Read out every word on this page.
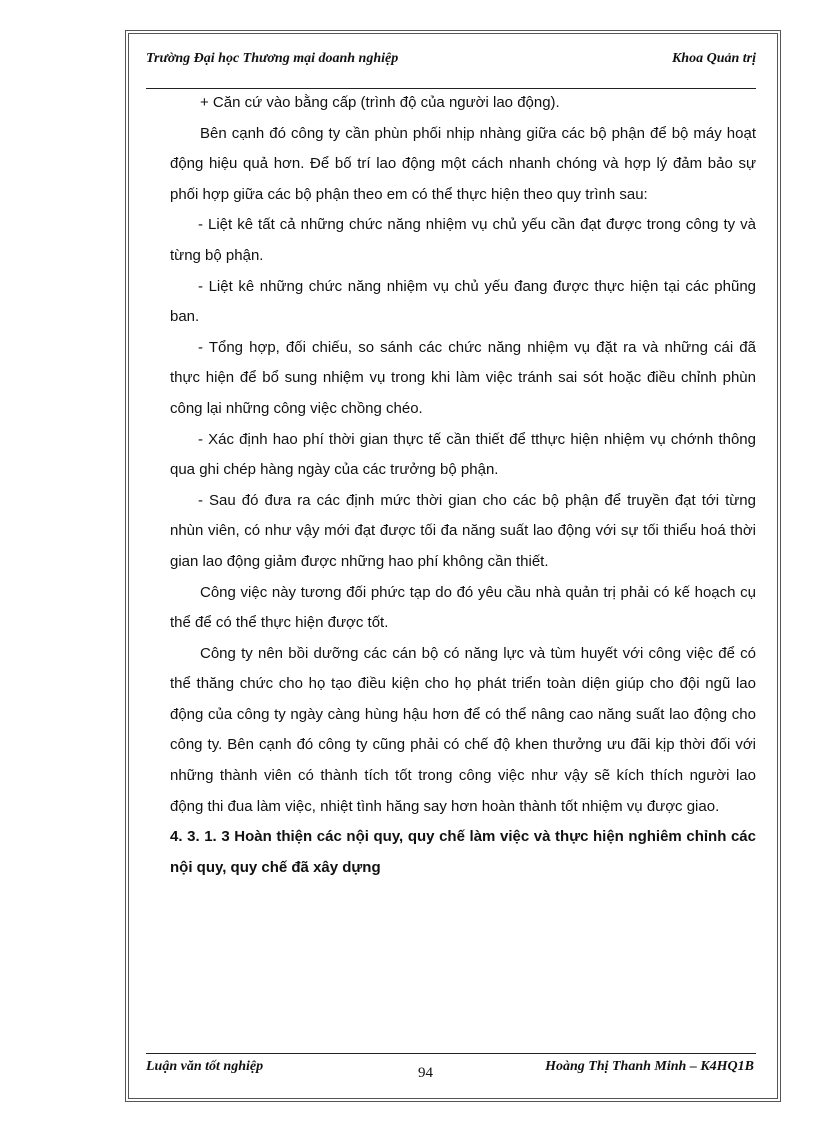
Trường Đại học Thương mại doanh nghiệp	Khoa Quản trị

+ Căn cứ vào bằng cấp (trình độ của người lao động).

Bên cạnh đó công ty cần phùn phối nhịp nhàng giữa các bộ phận để bộ máy hoạt động hiệu quả hơn. Để bố trí lao động một cách nhanh chóng và hợp lý đảm bảo sự phối hợp giữa các bộ phận theo em có thể thực hiện theo quy trình sau:

- Liệt kê tất cả những chức năng nhiệm vụ chủ yếu cần đạt được trong công ty và từng bộ phận.

- Liệt kê những chức năng nhiệm vụ chủ yếu đang được thực hiện tại các phũng ban.

- Tổng hợp, đối chiếu, so sánh các chức năng nhiệm vụ đặt ra và những cái đã thực hiện để bổ sung nhiệm vụ trong khi làm việc tránh sai sót hoặc điều chỉnh phùn công lại những công việc chồng chéo.

- Xác định hao phí thời gian thực tế cần thiết để tthực hiện nhiệm vụ chớnh thông qua ghi chép hàng ngày của các trưởng bộ phận.

- Sau đó đưa ra các định mức thời gian cho các bộ phận để truyền đạt tới từng nhùn viên, có như vậy mới đạt được tối đa năng suất lao động với sự tối thiểu hoá thời gian lao động giảm được những hao phí không cần thiết.

Công việc này tương đối phức tạp do đó yêu cầu nhà quản trị phải có kế hoạch cụ thể để có thể thực hiện được tốt.

Công ty nên bồi dưỡng các cán bộ có năng lực và tùm huyết với công việc để có thể thăng chức cho họ tạo điều kiện cho họ phát triển toàn diện giúp cho đội ngũ lao động của công ty ngày càng hùng hậu hơn để có thể nâng cao năng suất lao động cho công ty. Bên cạnh đó công ty cũng phải có chế độ khen thưởng ưu đãi kịp thời đối với những thành viên có thành tích tốt trong công việc như vậy sẽ kích thích người lao động thi đua làm việc, nhiệt tình hăng say hơn hoàn thành tốt nhiệm vụ được giao.

4. 3. 1. 3 Hoàn thiện các nội quy, quy chế làm việc và thực hiện nghiêm chỉnh các nội quy, quy chế đã xây dựng

Luận văn tốt nghiệp	94	Hoàng Thị Thanh Minh – K4HQ1B
